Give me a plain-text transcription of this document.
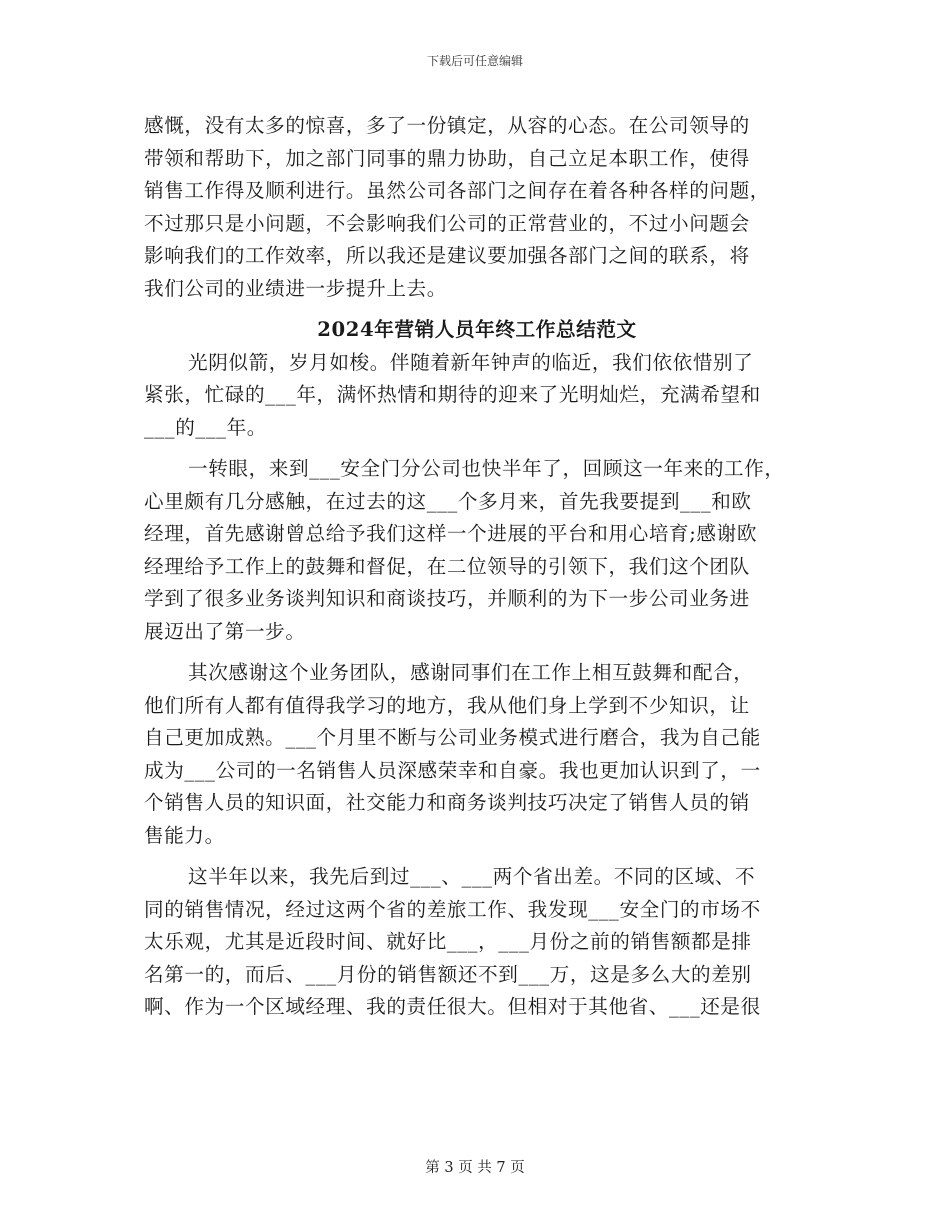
下载后可任意编辑
感慨，没有太多的惊喜，多了一份镇定，从容的心态。在公司领导的
带领和帮助下，加之部门同事的鼎力协助，自己立足本职工作，使得
销售工作得及顺利进行。虽然公司各部门之间存在着各种各样的问题，
不过那只是小问题，不会影响我们公司的正常营业的，不过小问题会
影响我们的工作效率，所以我还是建议要加强各部门之间的联系，将
我们公司的业绩进一步提升上去。
2024年营销人员年终工作总结范文
光阴似箭，岁月如梭。伴随着新年钟声的临近，我们依依惜别了
紧张，忙碌的___年，满怀热情和期待的迎来了光明灿烂，充满希望和
___的___年。
一转眼，来到___安全门分公司也快半年了，回顾这一年来的工作，
心里颇有几分感触，在过去的这___个多月来，首先我要提到___和欧
经理，首先感谢曾总给予我们这样一个进展的平台和用心培育;感谢欧
经理给予工作上的鼓舞和督促，在二位领导的引领下，我们这个团队
学到了很多业务谈判知识和商谈技巧，并顺利的为下一步公司业务进
展迈出了第一步。
其次感谢这个业务团队，感谢同事们在工作上相互鼓舞和配合，
他们所有人都有值得我学习的地方，我从他们身上学到不少知识，让
自己更加成熟。___个月里不断与公司业务模式进行磨合，我为自己能
成为___公司的一名销售人员深感荣幸和自豪。我也更加认识到了，一
个销售人员的知识面，社交能力和商务谈判技巧决定了销售人员的销
售能力。
这半年以来，我先后到过___、___两个省出差。不同的区域、不
同的销售情况，经过这两个省的差旅工作、我发现___安全门的市场不
太乐观，尤其是近段时间、就好比___，___月份之前的销售额都是排
名第一的，而后、___月份的销售额还不到___万，这是多么大的差别
啊、作为一个区域经理、我的责任很大。但相对于其他省、___还是很
第 3 页 共 7 页
